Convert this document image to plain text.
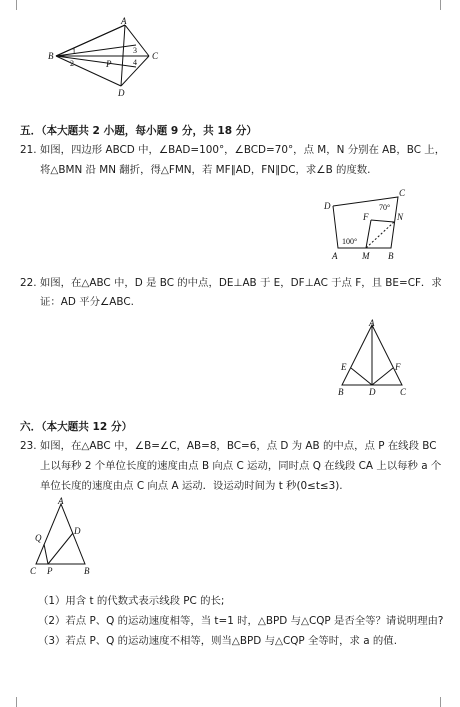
A
B	C
D
P
1
2
3
4
五．（本大题共 2 小题，每小题 9 分，共 18 分）
21. 如图，四边形 ABCD 中，∠BAD=100°，∠BCD=70°，点 M，N 分别在 AB，BC 上，
将△BMN 沿 MN 翻折，得△FMN，若 MF∥AD，FN∥DC，求∠B 的度数.
C
D
N
F
A	M B
70°
100°
22. 如图，在△ABC 中，D 是 BC 的中点，DE⊥AB 于 E，DF⊥AC 于点 F，且 BE=CF．求
证：AD 平分∠ABC.
A
E	F
B	D	C
六．（本大题共 12 分）
23. 如图，在△ABC 中，∠B=∠C，AB=8，BC=6，点 D 为 AB 的中点，点 P 在线段 BC
上以每秒 2 个单位长度的速度由点 B 向点 C 运动，同时点 Q 在线段 CA 上以每秒 a 个
单位长度的速度由点 C 向点 A 运动．设运动时间为 t 秒(0≤t≤3).
A
D
Q
C P	B
（1）用含 t 的代数式表示线段 PC 的长;
（2）若点 P、Q 的运动速度相等，当 t=1 时，△BPD 与△CQP 是否全等？请说明理由?
（3）若点 P、Q 的运动速度不相等，则当△BPD 与△CQP 全等时，求 a 的值.
